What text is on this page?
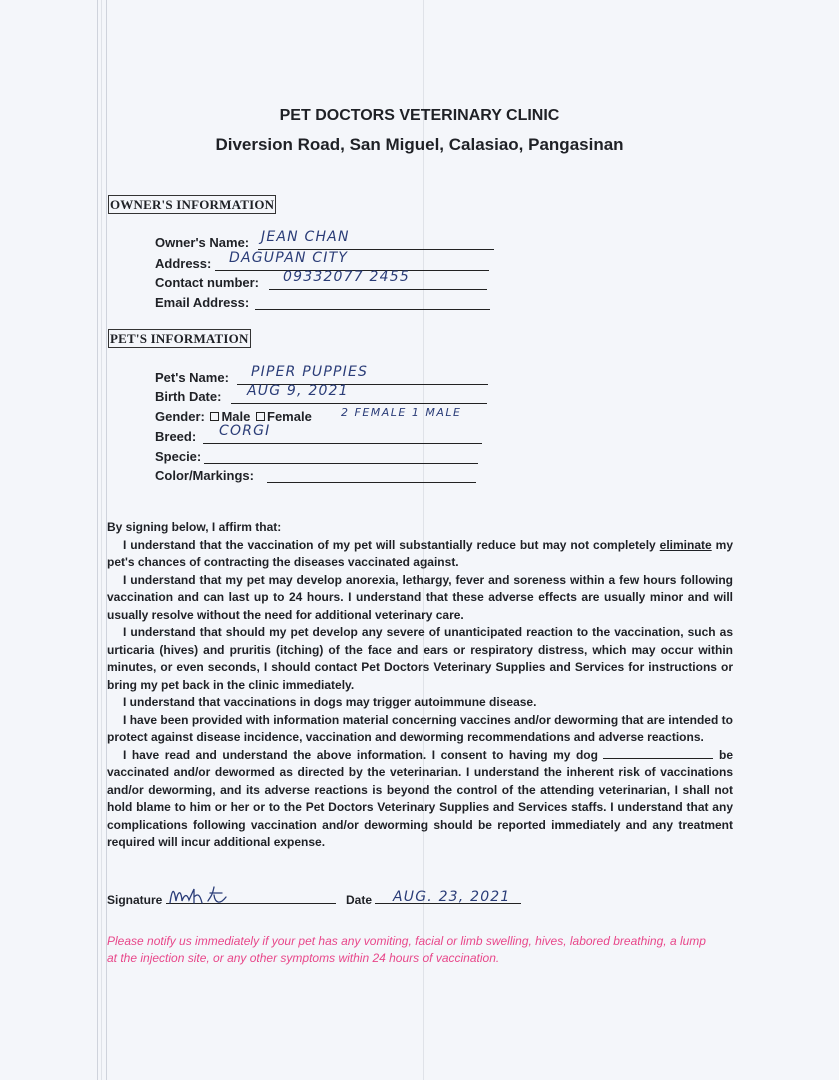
PET DOCTORS VETERINARY CLINIC
Diversion Road, San Miguel, Calasiao, Pangasinan
OWNER'S INFORMATION
Owner's Name: JEAN CHAN
Address: DAGUPAN CITY
Contact number: 09332077 2455
Email Address:
PET'S INFORMATION
Pet's Name: PIPER PUPPIES
Birth Date: AUG 9, 2021
Gender: Male Female	2 FEMALE 1 MALE
Breed: CORGI
Specie:
Color/Markings:

By signing below, I affirm that:

I understand that the vaccination of my pet will substantially reduce but may not completely eliminate my pet's chances of contracting the diseases vaccinated against.

I understand that my pet may develop anorexia, lethargy, fever and soreness within a few hours following vaccination and can last up to 24 hours. I understand that these adverse effects are usually minor and will usually resolve without the need for additional veterinary care.

I understand that should my pet develop any severe of unanticipated reaction to the vaccination, such as urticaria (hives) and pruritis (itching) of the face and ears or respiratory distress, which may occur within minutes, or even seconds, I should contact Pet Doctors Veterinary Supplies and Services for instructions or bring my pet back in the clinic immediately.

I understand that vaccinations in dogs may trigger autoimmune disease.

I have been provided with information material concerning vaccines and/or deworming that are intended to protect against disease incidence, vaccination and deworming recommendations and adverse reactions.

I have read and understand the above information. I consent to having my dog	be vaccinated and/or dewormed as directed by the veterinarian. I understand the inherent risk of vaccinations and/or deworming, and its adverse reactions is beyond the control of the attending veterinarian, I shall not hold blame to him or her or to the Pet Doctors Veterinary Supplies and Services staffs. I understand that any complications following vaccination and/or deworming should be reported immediately and any treatment required will incur additional expense.

Signature	Date	AUG. 23, 2021
Please notify us immediately if your pet has any vomiting, facial or limb swelling, hives, labored breathing, a lump at the injection site, or any other symptoms within 24 hours of vaccination.
